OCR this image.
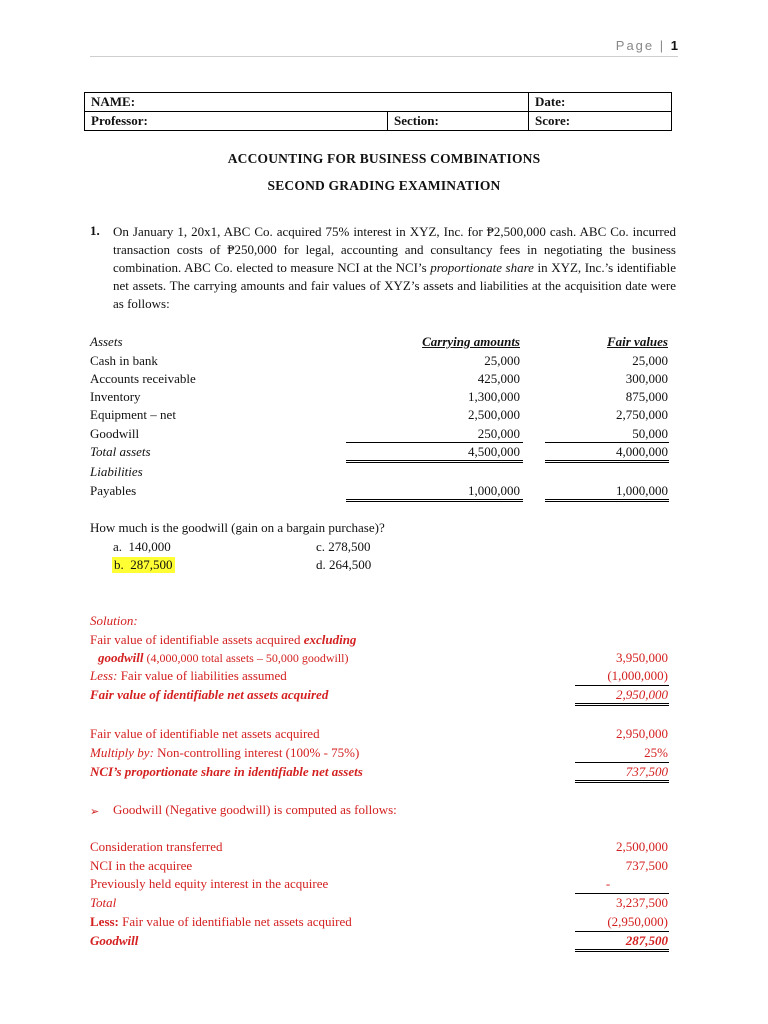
Page | 1
NAME:		Date:
Professor:	Section:	Score:
ACCOUNTING FOR BUSINESS COMBINATIONS
SECOND GRADING EXAMINATION
1. On January 1, 20x1, ABC Co. acquired 75% interest in XYZ, Inc. for ₱2,500,000 cash. ABC Co. incurred transaction costs of ₱250,000 for legal, accounting and consultancy fees in negotiating the business combination. ABC Co. elected to measure NCI at the NCI’s proportionate share in XYZ, Inc.’s identifiable net assets. The carrying amounts and fair values of XYZ’s assets and liabilities at the acquisition date were as follows:
Assets	Carrying amounts	Fair values
Cash in bank	25,000	25,000
Accounts receivable	425,000	300,000
Inventory	1,300,000	875,000
Equipment – net	2,500,000	2,750,000
Goodwill	250,000	50,000
Total assets	4,500,000	4,000,000
Liabilities
Payables	1,000,000	1,000,000
How much is the goodwill (gain on a bargain purchase)?
a. 140,000	c. 278,500
b. 287,500	d. 264,500
Solution:
Fair value of identifiable assets acquired excluding
goodwill (4,000,000 total assets – 50,000 goodwill)	3,950,000
Less: Fair value of liabilities assumed	(1,000,000)
Fair value of identifiable net assets acquired	2,950,000
Fair value of identifiable net assets acquired	2,950,000
Multiply by: Non-controlling interest (100% - 75%)	25%
NCI’s proportionate share in identifiable net assets	737,500
➢ Goodwill (Negative goodwill) is computed as follows:
Consideration transferred	2,500,000
NCI in the acquiree	737,500
Previously held equity interest in the acquiree	-
Total	3,237,500
Less: Fair value of identifiable net assets acquired	(2,950,000)
Goodwill	287,500
